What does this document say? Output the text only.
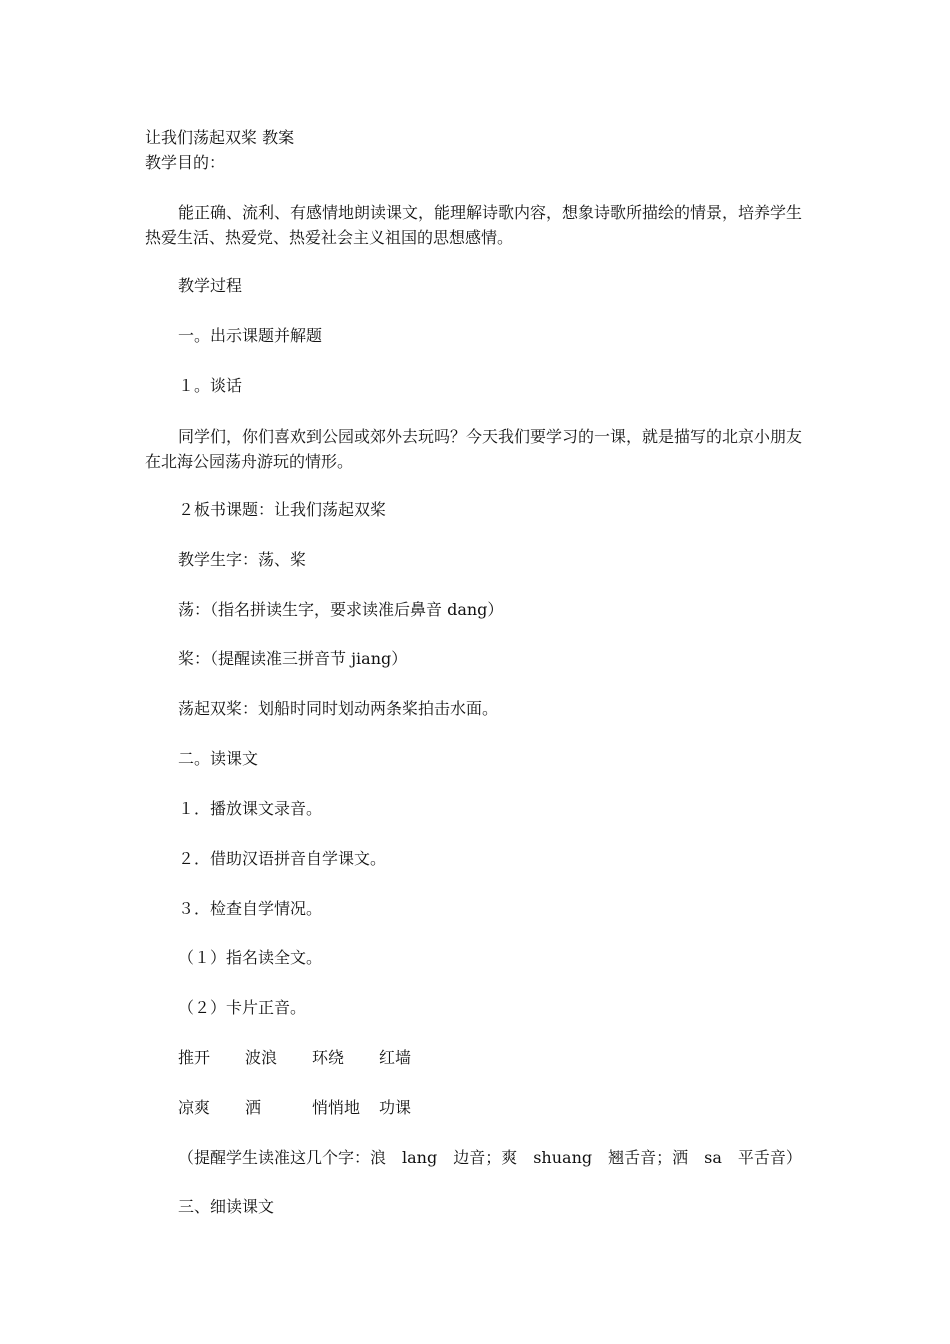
让我们荡起双桨 教案
教学目的：
能正确、流利、有感情地朗读课文，能理解诗歌内容，想象诗歌所描绘的情景，培养学生热爱生活、热爱党、热爱社会主义祖国的思想感情。
教学过程
一。出示课题并解题
１。谈话
同学们，你们喜欢到公园或郊外去玩吗？今天我们要学习的一课，就是描写的北京小朋友在北海公园荡舟游玩的情形。
２板书课题：让我们荡起双桨
教学生字：荡、桨
荡：（指名拼读生字，要求读准后鼻音 dang）
桨：（提醒读准三拼音节 jiang）
荡起双桨：划船时同时划动两条桨拍击水面。
二。读课文
１．播放课文录音。
２．借助汉语拼音自学课文。
３．检查自学情况。
（１）指名读全文。
（２）卡片正音。
推开 波浪 环绕 红墙
凉爽 洒	悄悄地 功课
（提醒学生读准这几个字：浪　lang　边音；爽　shuang　翘舌音；洒　sa　平舌音）
三、细读课文
